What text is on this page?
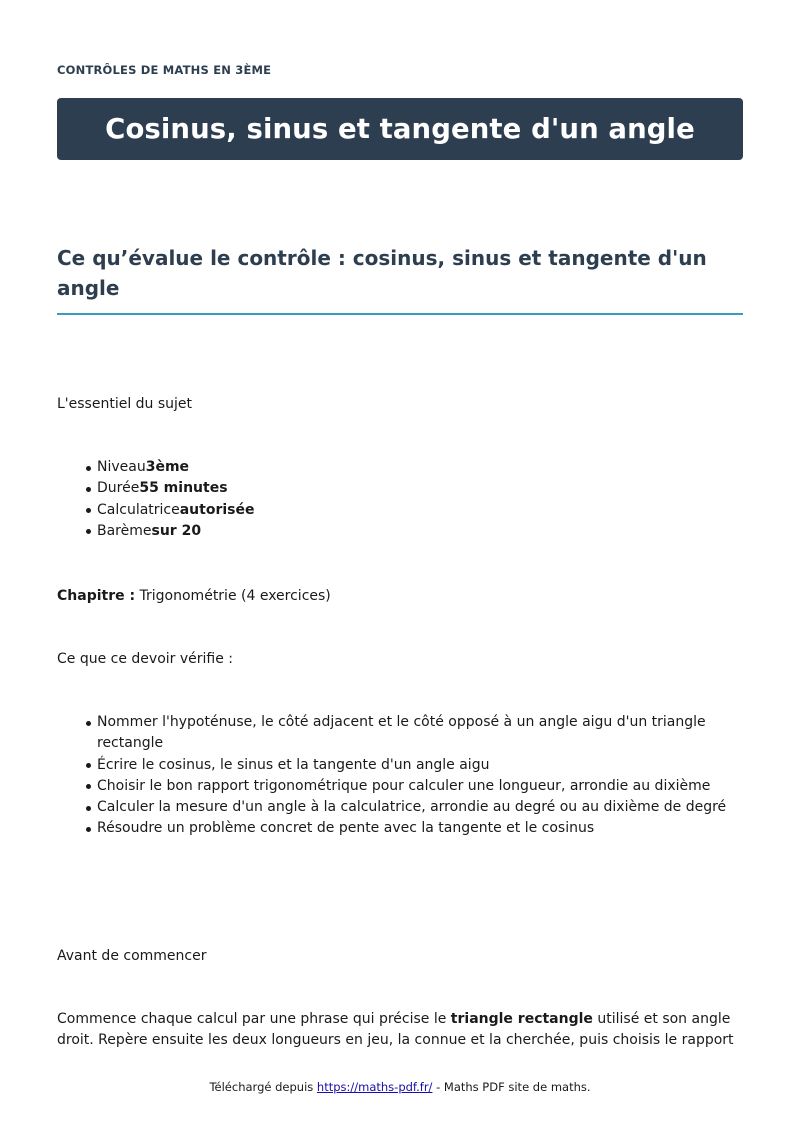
CONTRÔLES DE MATHS EN 3ÈME
Cosinus, sinus et tangente d'un angle
Ce qu’évalue le contrôle : cosinus, sinus et tangente d'un angle

L'essentiel du sujet

Niveau3ème
Durée55 minutes
Calculatriceautorisée
Barèmesur 20

Chapitre : Trigonométrie (4 exercices)

Ce que ce devoir vérifie :

Nommer l'hypoténuse, le côté adjacent et le côté opposé à un angle aigu d'un triangle rectangle
Écrire le cosinus, le sinus et la tangente d'un angle aigu
Choisir le bon rapport trigonométrique pour calculer une longueur, arrondie au dixième
Calculer la mesure d'un angle à la calculatrice, arrondie au degré ou au dixième de degré
Résoudre un problème concret de pente avec la tangente et le cosinus

Avant de commencer

Commence chaque calcul par une phrase qui précise le triangle rectangle utilisé et son angle droit. Repère ensuite les deux longueurs en jeu, la connue et la cherchée, puis choisis le rapport

Téléchargé depuis https://maths-pdf.fr/ - Maths PDF site de maths.
